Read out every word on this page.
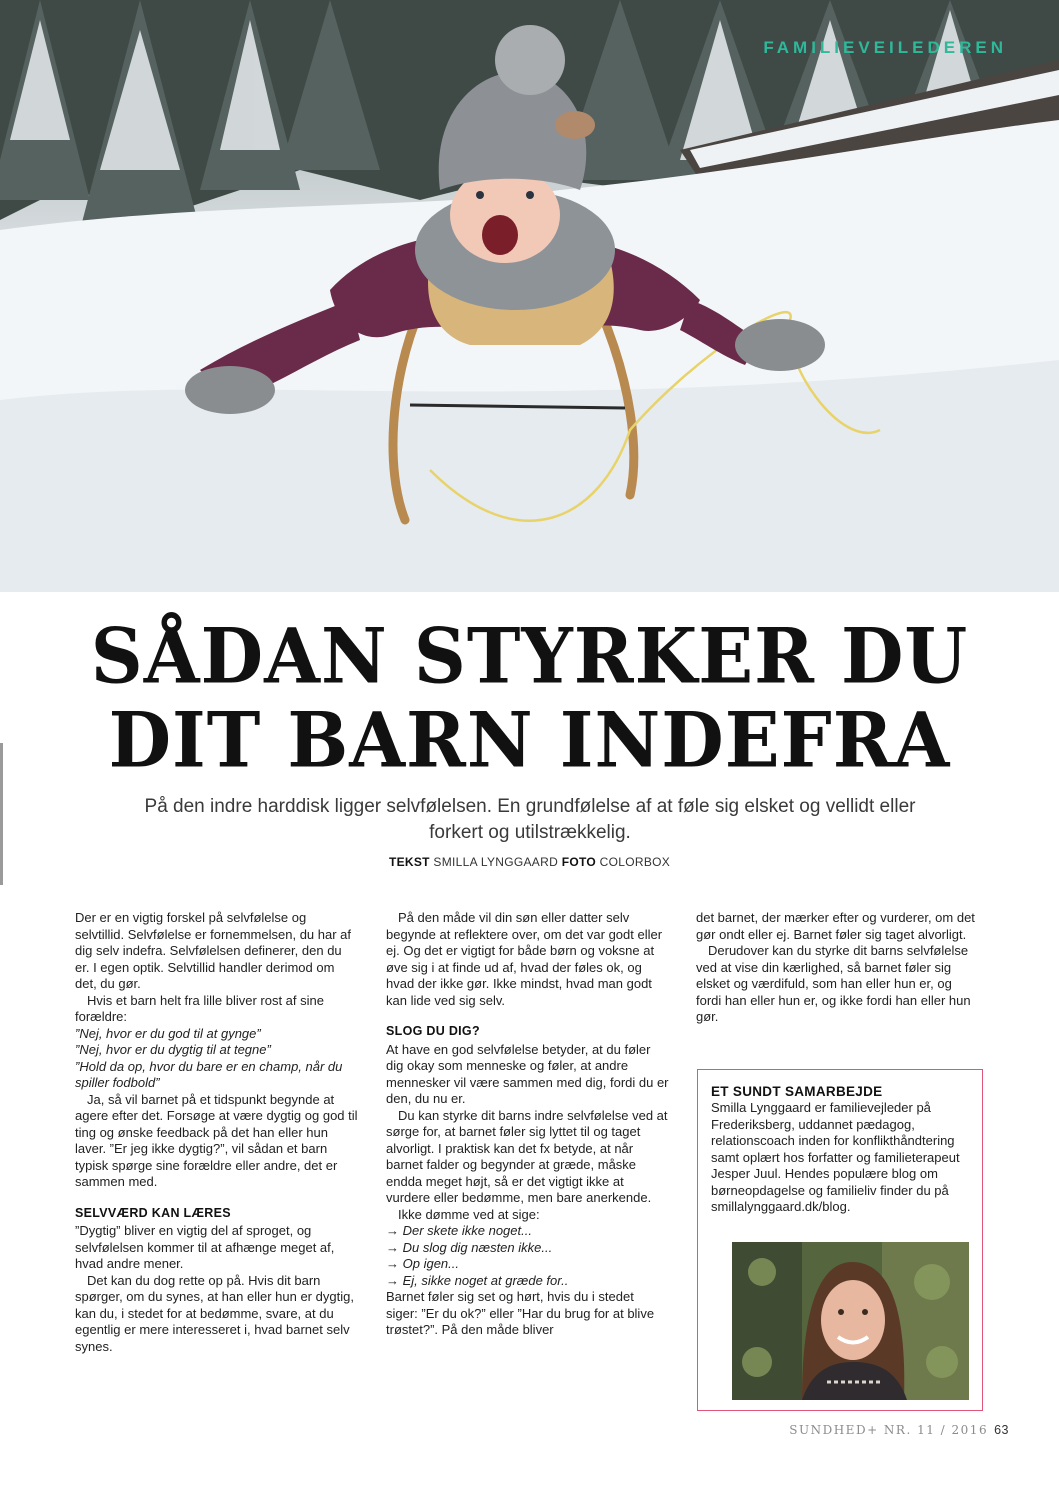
FAMILIEVEILEDEREN
SÅDAN STYRKER DU
DIT BARN INDEFRA
På den indre harddisk ligger selvfølelsen. En grundfølelse af at føle sig elsket og vellidt eller forkert og utilstrækkelig.
TEKST SMILLA LYNGGAARD FOTO COLORBOX

Der er en vigtig forskel på selvfølelse og selvtillid. Selvfølelse er fornemmelsen, du har af dig selv indefra. Selvfølelsen definerer, den du er. I egen optik. Selvtillid handler derimod om det, du gør.

Hvis et barn helt fra lille bliver rost af sine forældre:

”Nej, hvor er du god til at gynge”

”Nej, hvor er du dygtig til at tegne”

”Hold da op, hvor du bare er en champ, når du spiller fodbold”

Ja, så vil barnet på et tidspunkt begynde at agere efter det. Forsøge at være dygtig og god til ting og ønske feedback på det han eller hun laver. ”Er jeg ikke dygtig?”, vil sådan et barn typisk spørge sine forældre eller andre, det er sammen med.

SELVVÆRD KAN LÆRES

”Dygtig” bliver en vigtig del af sproget, og selvfølelsen kommer til at afhænge meget af, hvad andre mener.

Det kan du dog rette op på. Hvis dit barn spørger, om du synes, at han eller hun er dygtig, kan du, i stedet for at bedømme, svare, at du egentlig er mere interesseret i, hvad barnet selv synes.

På den måde vil din søn eller datter selv begynde at reflektere over, om det var godt eller ej. Og det er vigtigt for både børn og voksne at øve sig i at finde ud af, hvad der føles ok, og hvad der ikke gør. Ikke mindst, hvad man godt kan lide ved sig selv.

SLOG DU DIG?

At have en god selvfølelse betyder, at du føler dig okay som menneske og føler, at andre mennesker vil være sammen med dig, fordi du er den, du nu er.

Du kan styrke dit barns indre selvfølelse ved at sørge for, at barnet føler sig lyttet til og taget alvorligt. I praktisk kan det fx betyde, at når barnet falder og begynder at græde, måske endda meget højt, så er det vigtigt ikke at vurdere eller bedømme, men bare anerkende.

Ikke dømme ved at sige:

→ Der skete ikke noget...

→ Du slog dig næsten ikke...

→ Op igen...

→ Ej, sikke noget at græde for..

Barnet føler sig set og hørt, hvis du i stedet siger: ”Er du ok?” eller ”Har du brug for at blive trøstet?”. På den måde bliver

det barnet, der mærker efter og vurderer, om det gør ondt eller ej. Barnet føler sig taget alvorligt.

Derudover kan du styrke dit barns selvfølelse ved at vise din kærlighed, så barnet føler sig elsket og værdifuld, som han eller hun er, og fordi han eller hun er, og ikke fordi han eller hun gør.

ET SUNDT SAMARBEJDE

Smilla Lynggaard er familievejleder på Frederiksberg, uddannet pædagog, relationscoach inden for konflikthåndtering samt oplært hos forfatter og familieterapeut Jesper Juul. Hendes populære blog om børneopdagelse og familieliv finder du på smillalynggaard.dk/blog.

SUNDHED+ NR. 11 / 2016 63
